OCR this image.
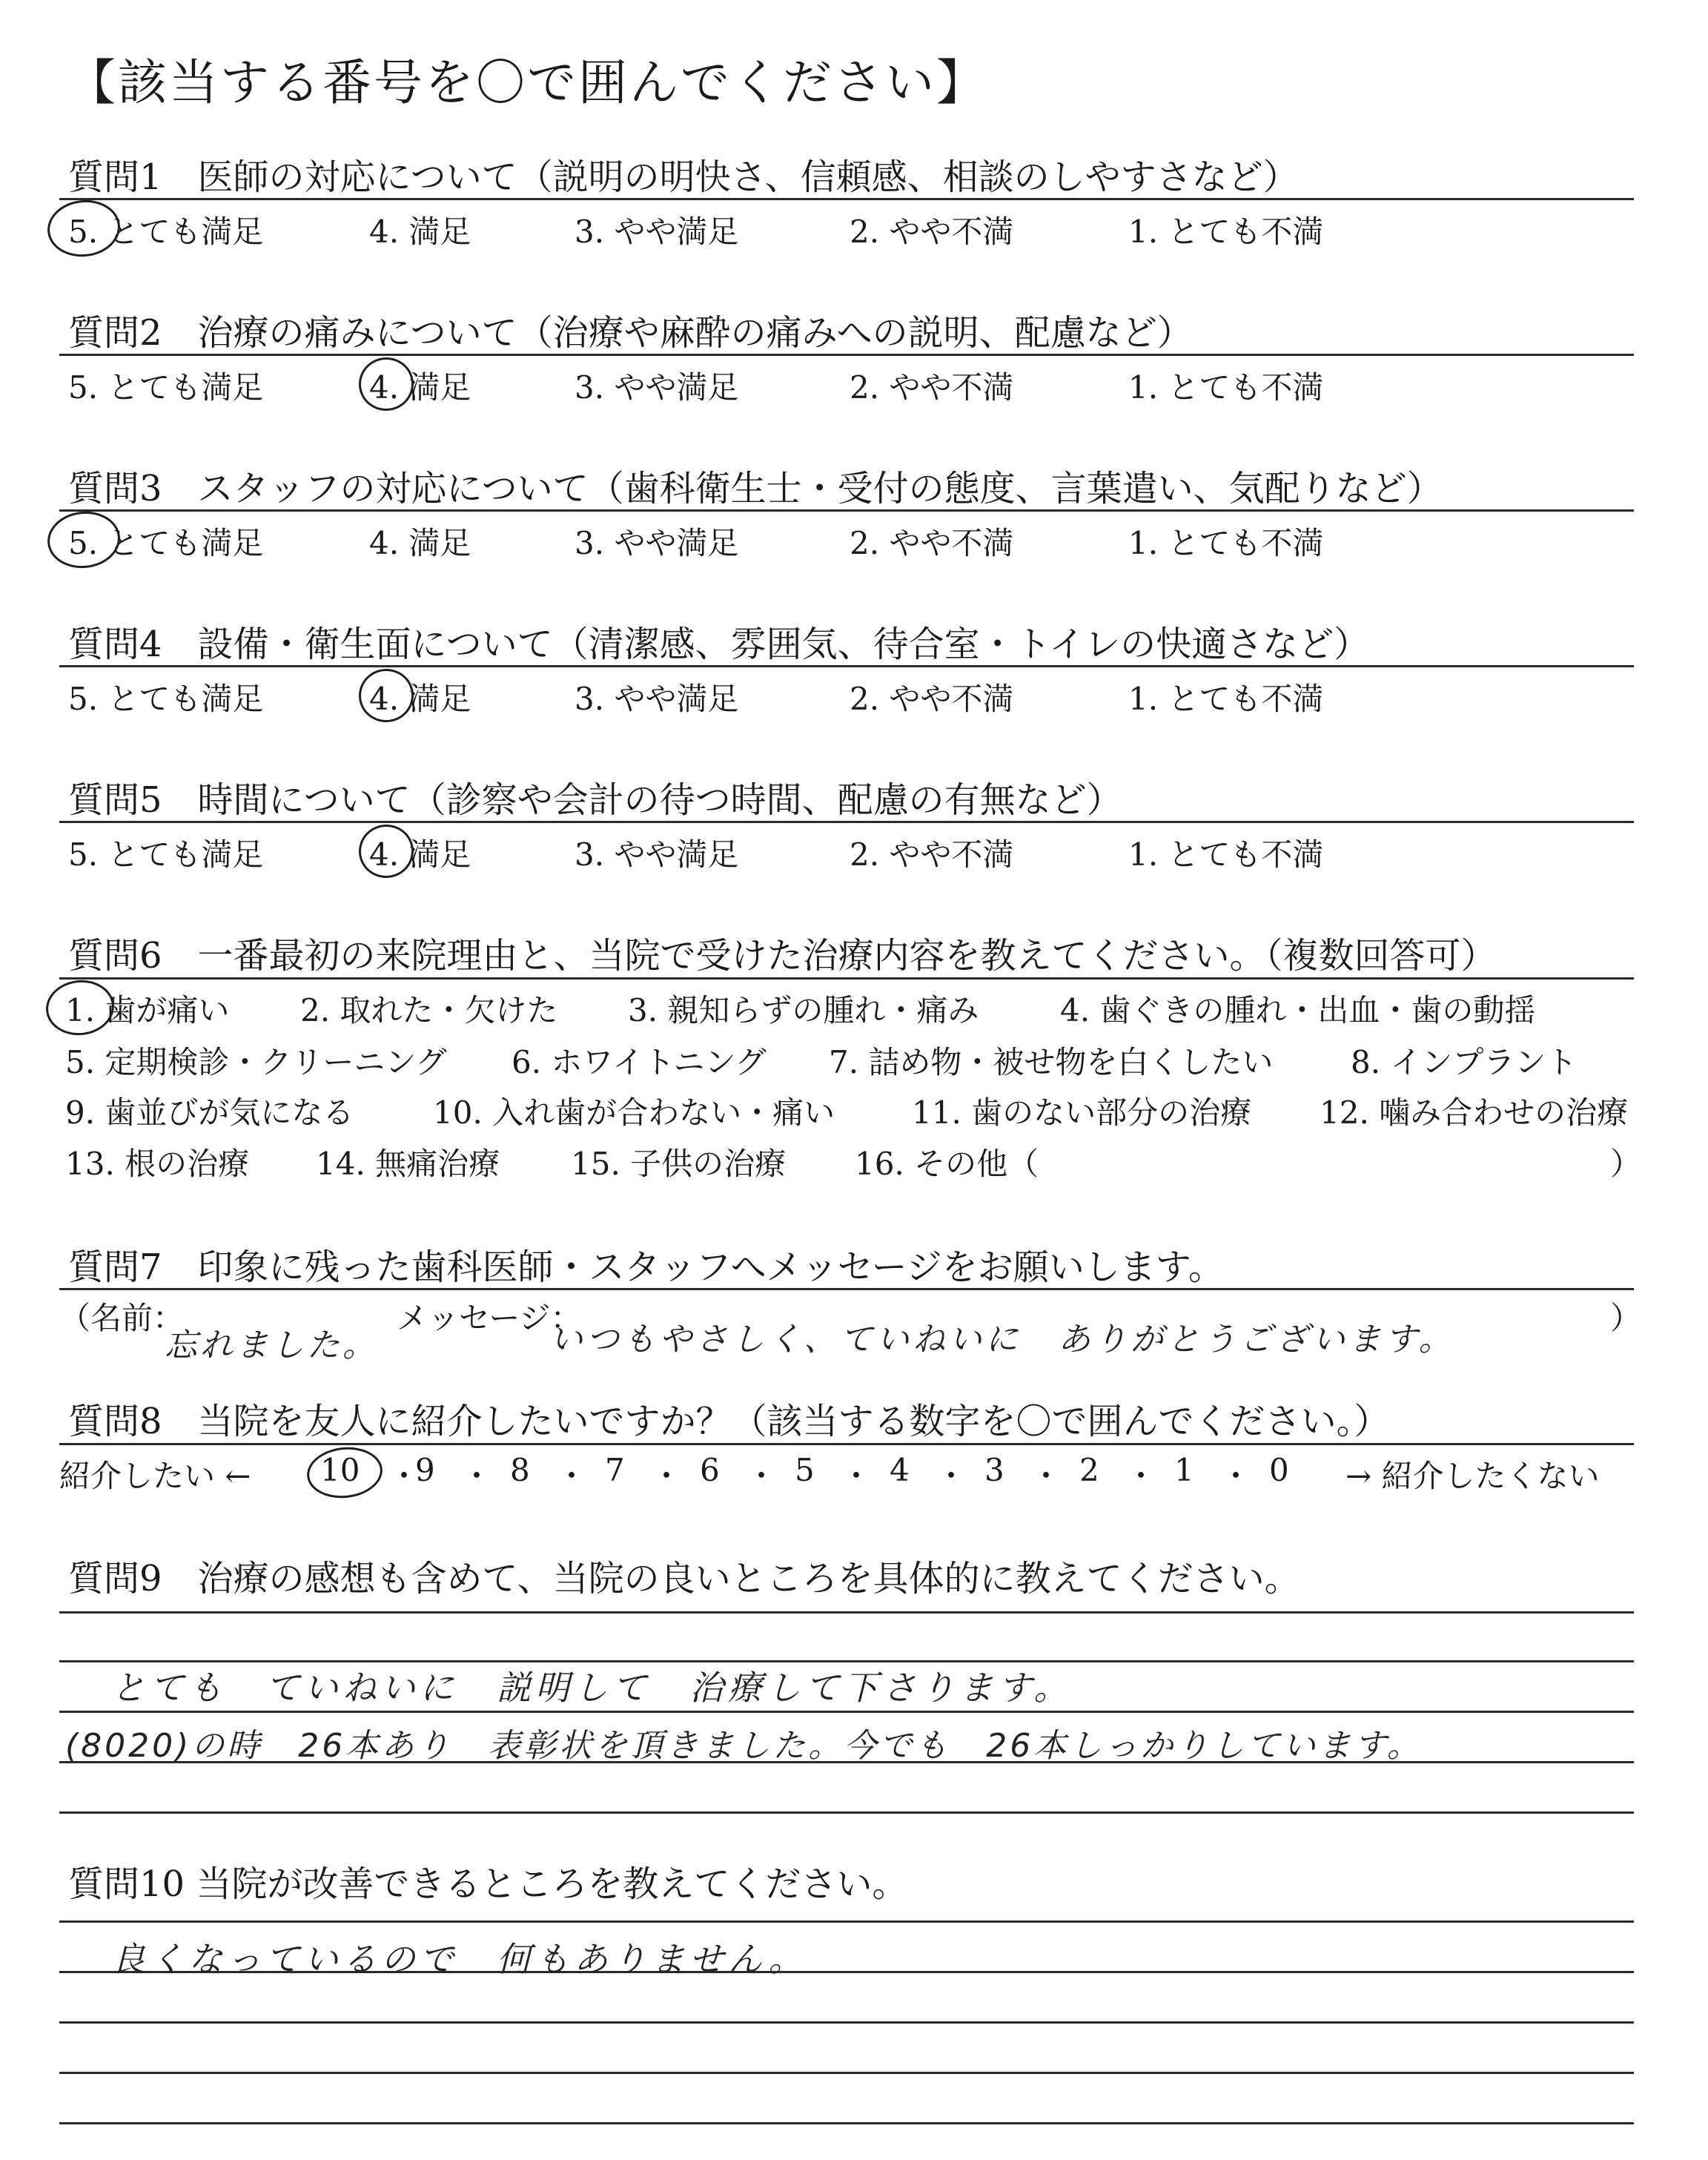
【該当する番号を〇で囲んでください】
質問1　医師の対応について（説明の明快さ、信頼感、相談のしやすさなど）
5. とても満足	4. 満足	3. やや満足	2. やや不満	1. とても不満
質問2　治療の痛みについて（治療や麻酔の痛みへの説明、配慮など）
5. とても満足	4. 満足	3. やや満足	2. やや不満	1. とても不満
質問3　スタッフの対応について（歯科衛生士・受付の態度、言葉遣い、気配りなど）
5. とても満足	4. 満足	3. やや満足	2. やや不満	1. とても不満
質問4　設備・衛生面について（清潔感、雰囲気、待合室・トイレの快適さなど）
5. とても満足	4. 満足	3. やや満足	2. やや不満	1. とても不満
質問5　時間について（診察や会計の待つ時間、配慮の有無など）
5. とても満足	4. 満足	3. やや満足	2. やや不満	1. とても不満
質問6　一番最初の来院理由と、当院で受けた治療内容を教えてください。（複数回答可）
1. 歯が痛い 2. 取れた・欠けた 3. 親知らずの腫れ・痛み	4. 歯ぐきの腫れ・出血・歯の動揺
5. 定期検診・クリーニング 6. ホワイトニング 7. 詰め物・被せ物を白くしたい 8. インプラント
9. 歯並びが気になる	10. 入れ歯が合わない・痛い 11. 歯のない部分の治療 12. 噛み合わせの治療
13. 根の治療 14. 無痛治療 15. 子供の治療 16. その他（	）
質問7　印象に残った歯科医師・スタッフへメッセージをお願いします。
（名前：
忘れました。
メッセージ：
いつもやさしく、ていねいに　ありがとうございます。
）
質問8　当院を友人に紹介したいですか？（該当する数字を〇で囲んでください。）
紹介したい ← 10 ・
9 ・ 8 ・ 7 ・ 6 ・ 5 ・ 4 ・ 3 ・ 2 ・ 1 ・ 0 → 紹介したくない
質問9　治療の感想も含めて、当院の良いところを具体的に教えてください。
とても　ていねいに　説明して　治療して下さります。
(8020)の時　26本あり　表彰状を頂きました。今でも　26本しっかりしています。
質問10 当院が改善できるところを教えてください。
良くなっているので　何もありません。
